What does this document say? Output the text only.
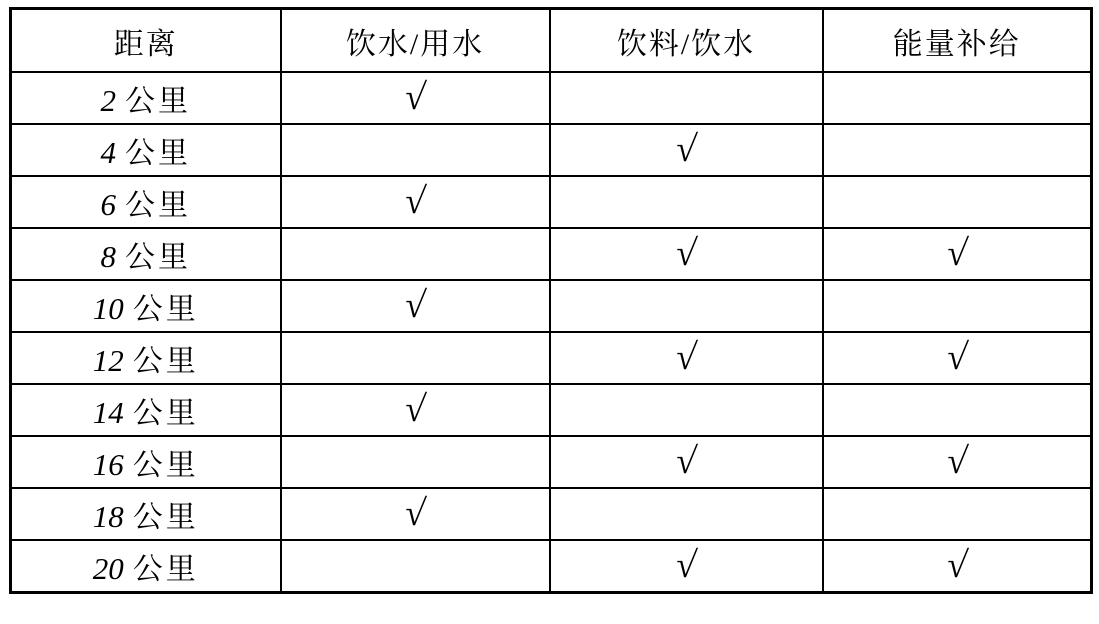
距离	饮水/用水	饮料/饮水	能量补给
2 公里	√		
4 公里		√	
6 公里	√		
8 公里		√	√
10 公里	√		
12 公里		√	√
14 公里	√		
16 公里		√	√
18 公里	√		
20 公里		√	√
